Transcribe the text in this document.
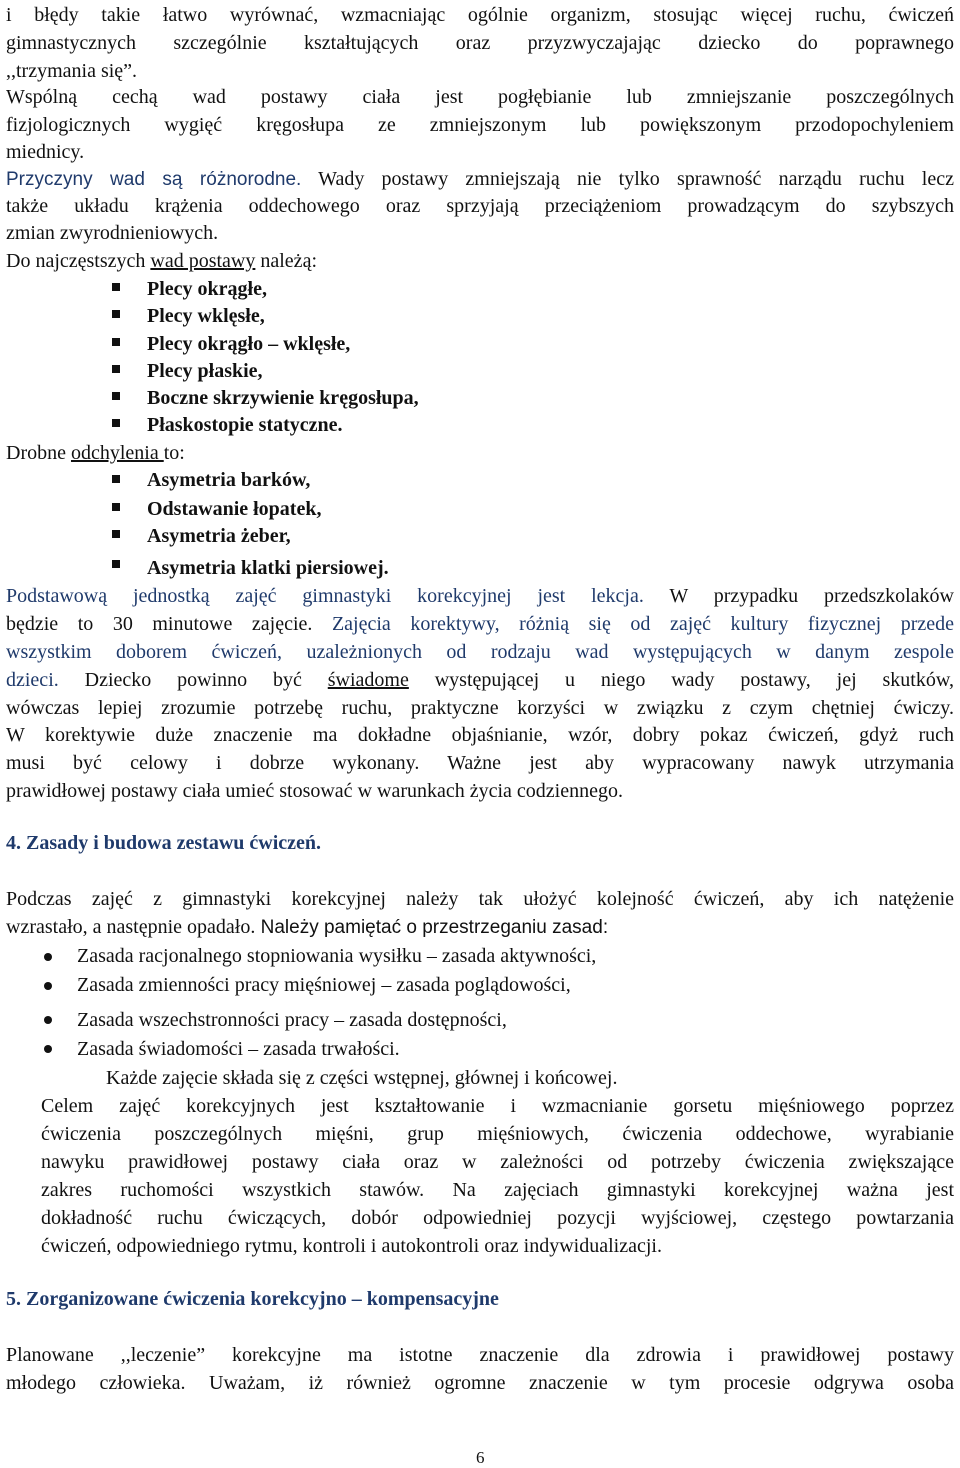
i błędy takie łatwo wyrównać, wzmacniając ogólnie organizm, stosując więcej ruchu, ćwiczeń
gimnastycznych szczególnie kształtujących oraz przyzwyczajając dziecko do poprawnego
,,trzymania się”.
Wspólną cechą wad postawy ciała jest pogłębianie lub zmniejszanie poszczególnych
fizjologicznych wygięć kręgosłupa ze zmniejszonym lub powiększonym przodopochyleniem
miednicy.
Przyczyny wad są różnorodne. Wady postawy zmniejszają nie tylko sprawność narządu ruchu lecz
także układu krążenia oddechowego oraz sprzyjają przeciążeniom prowadzącym do szybszych
zmian zwyrodnieniowych.
Do najczęstszych wad postawy należą:
Plecy okrągłe,
Plecy wklęsłe,
Plecy okrągło – wklęsłe,
Plecy płaskie,
Boczne skrzywienie kręgosłupa,
Płaskostopie statyczne.
Drobne odchylenia to:
Asymetria barków,
Odstawanie łopatek,
Asymetria żeber,
Asymetria klatki piersiowej.
Podstawową jednostką zajęć gimnastyki korekcyjnej jest lekcja. W przypadku przedszkolaków
będzie to 30 minutowe zajęcie. Zajęcia korektywy, różnią się od zajęć kultury fizycznej przede
wszystkim doborem ćwiczeń, uzależnionych od rodzaju wad występujących w danym zespole
dzieci. Dziecko powinno być świadome występującej u niego wady postawy, jej skutków,
wówczas lepiej zrozumie potrzebę ruchu, praktyczne korzyści w związku z czym chętniej ćwiczy.
W korektywie duże znaczenie ma dokładne objaśnianie, wzór, dobry pokaz ćwiczeń, gdyż ruch
musi być celowy i dobrze wykonany. Ważne jest aby wypracowany nawyk utrzymania
prawidłowej postawy ciała umieć stosować w warunkach życia codziennego.
4. Zasady i budowa zestawu ćwiczeń.
Podczas zajęć z gimnastyki korekcyjnej należy tak ułożyć kolejność ćwiczeń, aby ich natężenie
wzrastało, a następnie opadało. Należy pamiętać o przestrzeganiu zasad:
Zasada racjonalnego stopniowania wysiłku – zasada aktywności,
Zasada zmienności pracy mięśniowej – zasada poglądowości,
Zasada wszechstronności pracy – zasada dostępności,
Zasada świadomości – zasada trwałości.
Każde zajęcie składa się z części wstępnej, głównej i końcowej.
Celem zajęć korekcyjnych jest kształtowanie i wzmacnianie gorsetu mięśniowego poprzez
ćwiczenia poszczególnych mięśni, grup mięśniowych, ćwiczenia oddechowe, wyrabianie
nawyku prawidłowej postawy ciała oraz w zależności od potrzeby ćwiczenia zwiększające
zakres ruchomości wszystkich stawów. Na zajęciach gimnastyki korekcyjnej ważna jest
dokładność ruchu ćwiczących, dobór odpowiedniej pozycji wyjściowej, częstego powtarzania
ćwiczeń, odpowiedniego rytmu, kontroli i autokontroli oraz indywidualizacji.
5. Zorganizowane ćwiczenia korekcyjno – kompensacyjne
Planowane ,,leczenie” korekcyjne ma istotne znaczenie dla zdrowia i prawidłowej postawy
młodego człowieka. Uważam, iż również ogromne znaczenie w tym procesie odgrywa osoba
6
